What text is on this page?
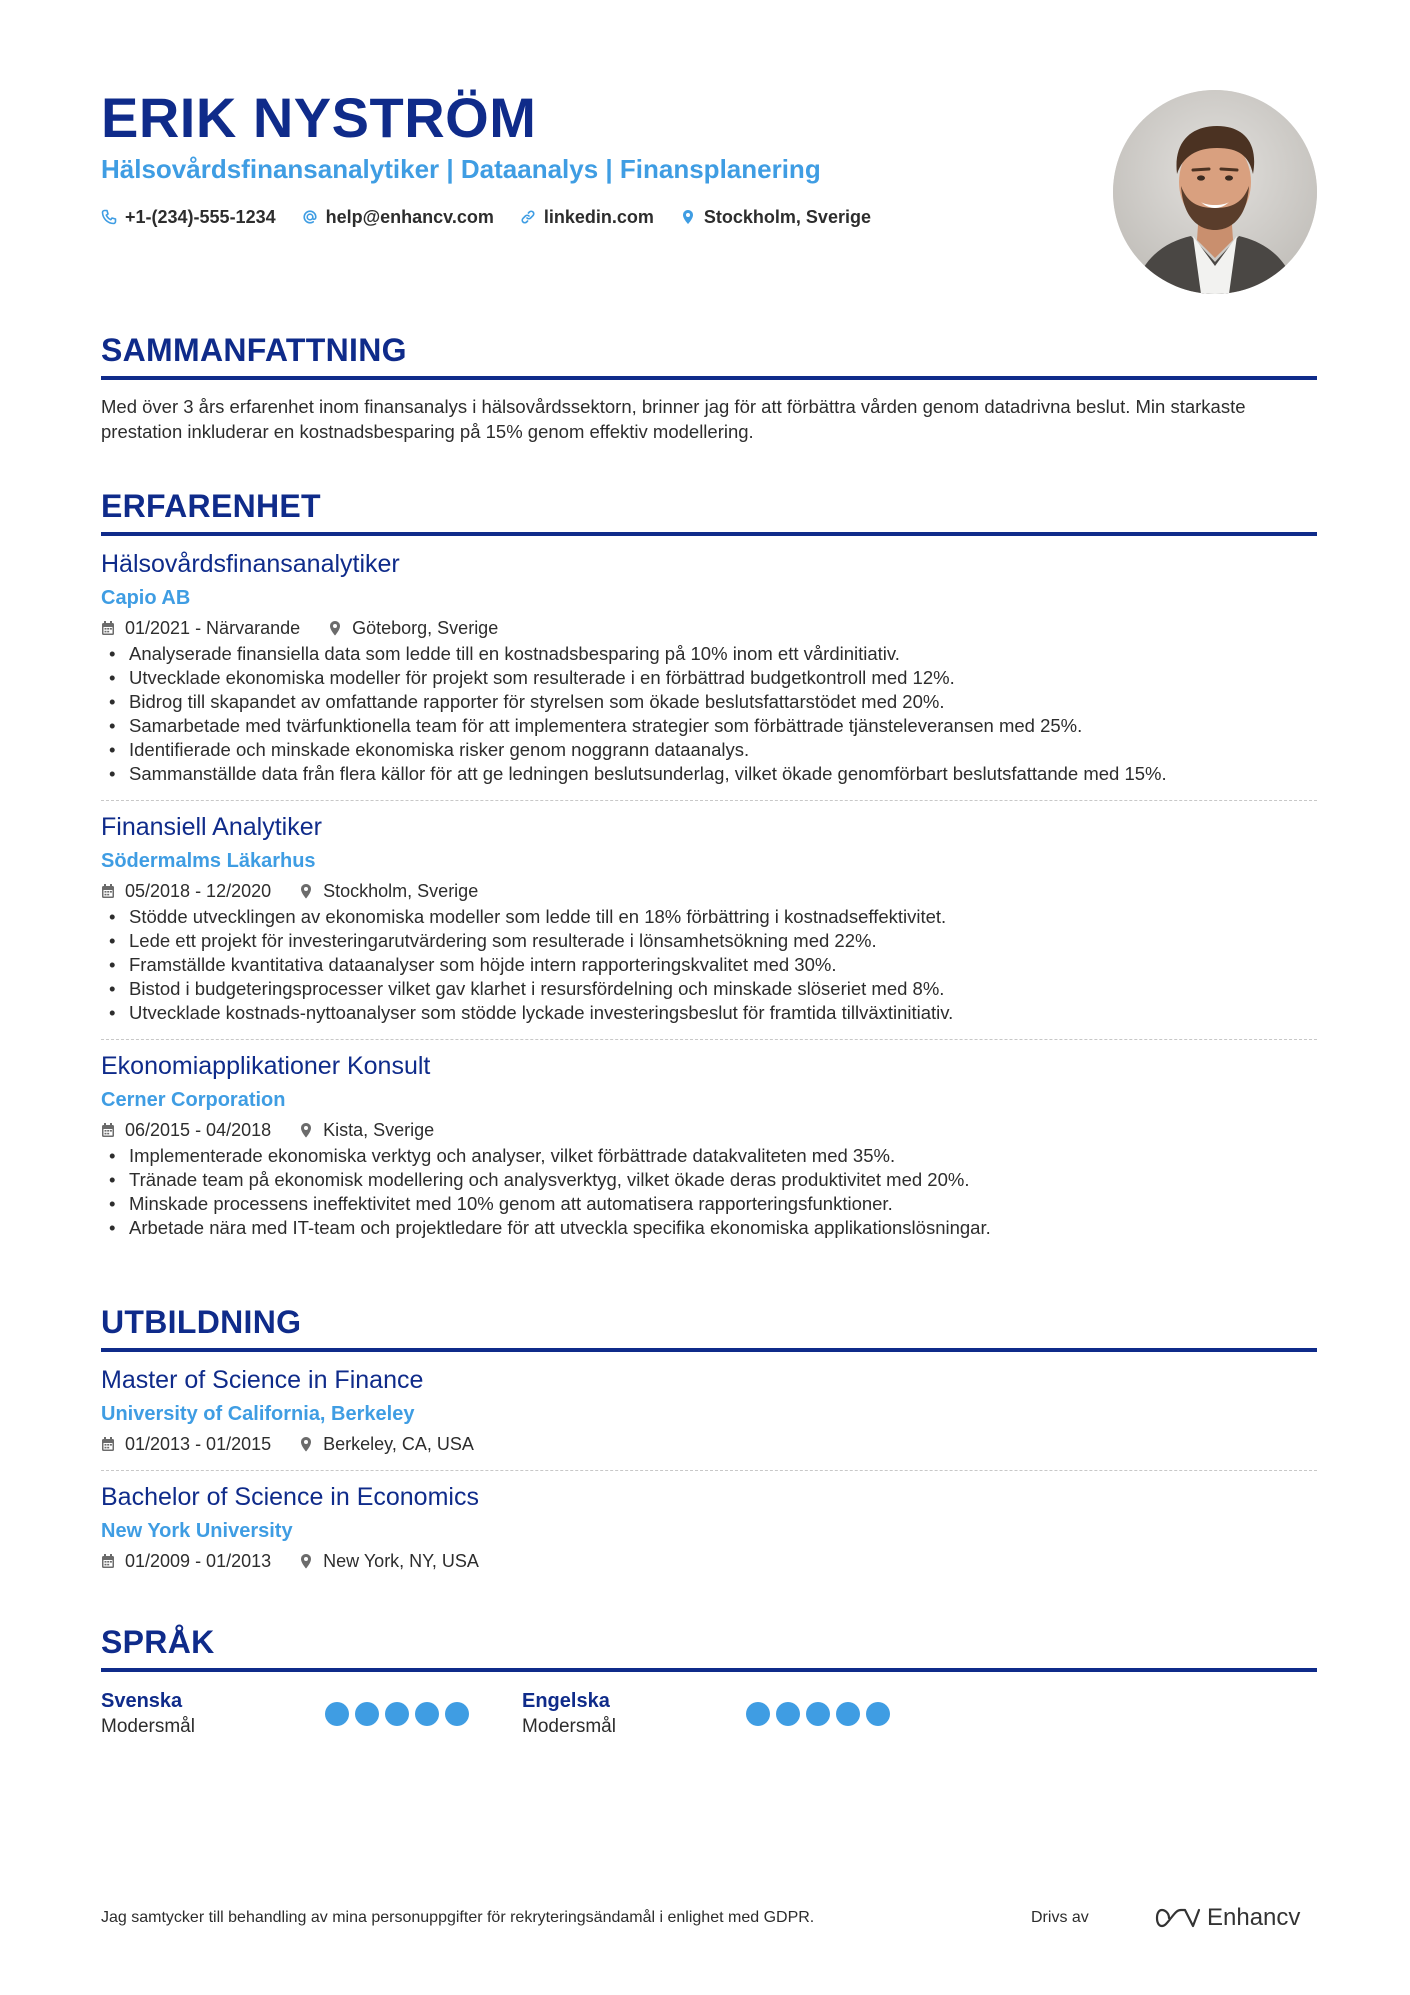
ERIK NYSTRÖM
Hälsovårdsfinansanalytiker | Dataanalys | Finansplanering
+1-(234)-555-1234	help@enhancv.com	linkedin.com	Stockholm, Sverige
SAMMANFATTNING
Med över 3 års erfarenhet inom finansanalys i hälsovårdssektorn, brinner jag för att förbättra vården genom datadrivna beslut. Min starkaste prestation inkluderar en kostnadsbesparing på 15% genom effektiv modellering.
ERFARENHET
Hälsovårdsfinansanalytiker
Capio AB
01/2021 - Närvarande	Göteborg, Sverige
• Analyserade finansiella data som ledde till en kostnadsbesparing på 10% inom ett vårdinitiativ.
• Utvecklade ekonomiska modeller för projekt som resulterade i en förbättrad budgetkontroll med 12%.
• Bidrog till skapandet av omfattande rapporter för styrelsen som ökade beslutsfattarstödet med 20%.
• Samarbetade med tvärfunktionella team för att implementera strategier som förbättrade tjänsteleveransen med 25%.
• Identifierade och minskade ekonomiska risker genom noggrann dataanalys.
• Sammanställde data från flera källor för att ge ledningen beslutsunderlag, vilket ökade genomförbart beslutsfattande med 15%.
Finansiell Analytiker
Södermalms Läkarhus
05/2018 - 12/2020	Stockholm, Sverige
• Stödde utvecklingen av ekonomiska modeller som ledde till en 18% förbättring i kostnadseffektivitet.
• Lede ett projekt för investeringarutvärdering som resulterade i lönsamhetsökning med 22%.
• Framställde kvantitativa dataanalyser som höjde intern rapporteringskvalitet med 30%.
• Bistod i budgeteringsprocesser vilket gav klarhet i resursfördelning och minskade slöseriet med 8%.
• Utvecklade kostnads-nyttoanalyser som stödde lyckade investeringsbeslut för framtida tillväxtinitiativ.
Ekonomiapplikationer Konsult
Cerner Corporation
06/2015 - 04/2018	Kista, Sverige
• Implementerade ekonomiska verktyg och analyser, vilket förbättrade datakvaliteten med 35%.
• Tränade team på ekonomisk modellering och analysverktyg, vilket ökade deras produktivitet med 20%.
• Minskade processens ineffektivitet med 10% genom att automatisera rapporteringsfunktioner.
• Arbetade nära med IT-team och projektledare för att utveckla specifika ekonomiska applikationslösningar.
UTBILDNING
Master of Science in Finance
University of California, Berkeley
01/2013 - 01/2015	Berkeley, CA, USA
Bachelor of Science in Economics
New York University
01/2009 - 01/2013	New York, NY, USA
SPRÅK
Svenska
Modersmål
Engelska
Modersmål
Jag samtycker till behandling av mina personuppgifter för rekryteringsändamål i enlighet med GDPR.	Drivs av	Enhancv
